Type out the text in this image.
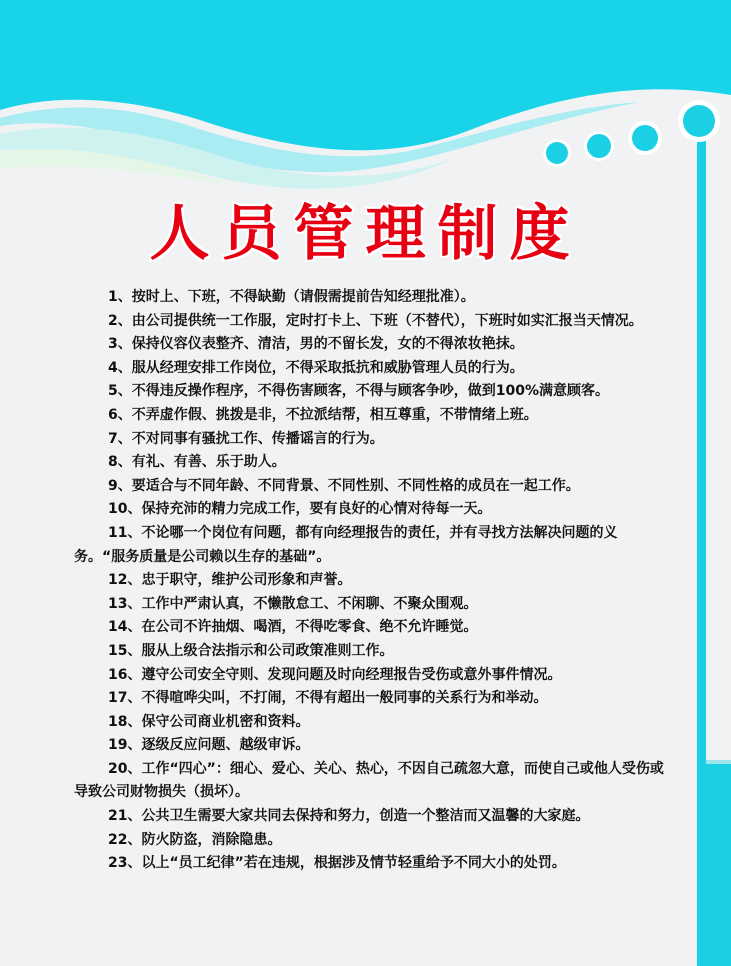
人员管理制度
1、按时上、下班，不得缺勤（请假需提前告知经理批准）。
2、由公司提供统一工作服，定时打卡上、下班（不替代），下班时如实汇报当天情况。
3、保持仪容仪表整齐、清洁，男的不留长发，女的不得浓妆艳抹。
4、服从经理安排工作岗位，不得采取抵抗和威胁管理人员的行为。
5、不得违反操作程序，不得伤害顾客，不得与顾客争吵，做到100%满意顾客。
6、不弄虚作假、挑拨是非，不拉派结帮，相互尊重，不带情绪上班。
7、不对同事有骚扰工作、传播谣言的行为。
8、有礼、有善、乐于助人。
9、要适合与不同年龄、不同背景、不同性别、不同性格的成员在一起工作。
10、保持充沛的精力完成工作，要有良好的心情对待每一天。
11、不论哪一个岗位有问题，都有向经理报告的责任，并有寻找方法解决问题的义务。“服务质量是公司赖以生存的基础”。
12、忠于职守，维护公司形象和声誉。
13、工作中严肃认真，不懒散怠工、不闲聊、不聚众围观。
14、在公司不许抽烟、喝酒，不得吃零食、绝不允许睡觉。
15、服从上级合法指示和公司政策准则工作。
16、遵守公司安全守则、发现问题及时向经理报告受伤或意外事件情况。
17、不得喧哗尖叫，不打闹，不得有超出一般同事的关系行为和举动。
18、保守公司商业机密和资料。
19、逐级反应问题、越级审诉。
20、工作“四心”：细心、爱心、关心、热心，不因自己疏忽大意，而使自己或他人受伤或导致公司财物损失（损坏）。
21、公共卫生需要大家共同去保持和努力，创造一个整洁而又温馨的大家庭。
22、防火防盗，消除隐患。
23、以上“员工纪律”若在违规，根据涉及情节轻重给予不同大小的处罚。
